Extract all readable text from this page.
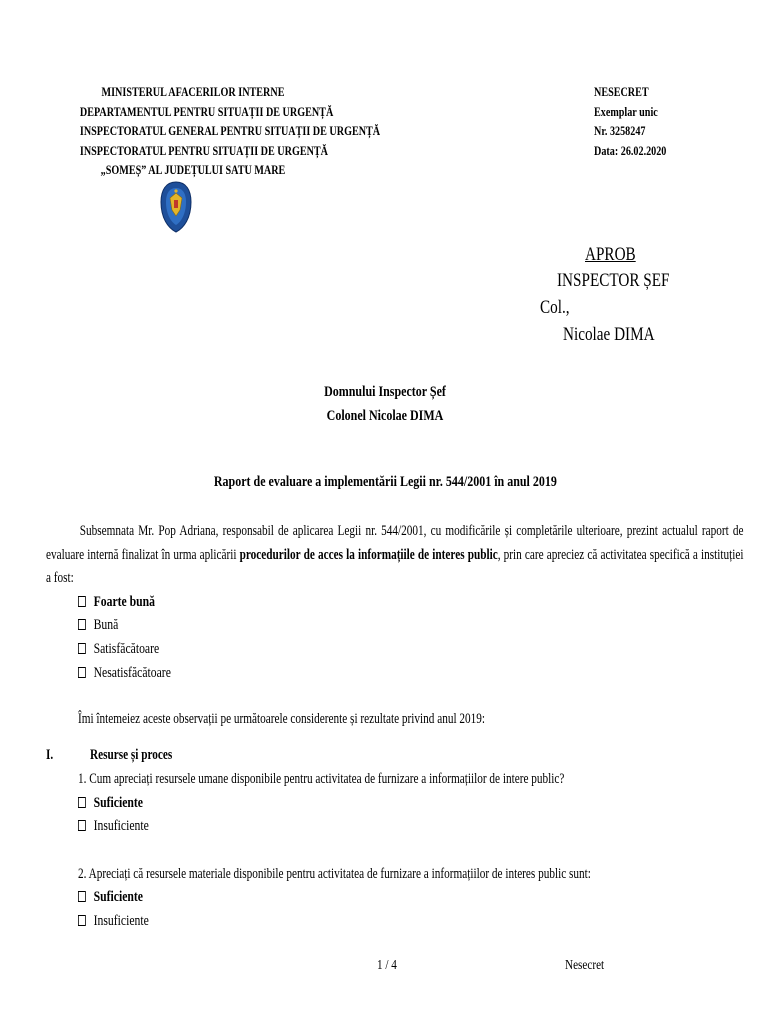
MINISTERUL AFACERILOR INTERNE
DEPARTAMENTUL PENTRU SITUAȚII DE URGENȚĂ
INSPECTORATUL GENERAL PENTRU SITUAȚII DE URGENȚĂ
INSPECTORATUL PENTRU SITUAȚII DE URGENȚĂ
„SOMEȘ” AL JUDEȚULUI SATU MARE
NESECRET
Exemplar unic
Nr. 3258247
Data: 26.02.2020
APROB
INSPECTOR ȘEF
Col.,
Nicolae DIMA
Domnului Inspector Șef
Colonel Nicolae DIMA
Raport de evaluare a implementării Legii nr. 544/2001 în anul 2019
Subsemnata Mr. Pop Adriana, responsabil de aplicarea Legii nr. 544/2001, cu modificările și completările ulterioare, prezint actualul raport de evaluare internă finalizat în urma aplicării procedurilor de acces la informațiile de interes public, prin care apreciez că activitatea specifică a instituției a fost:
Foarte bună
Bună
Satisfăcătoare
Nesatisfăcătoare
Îmi întemeiez aceste observații pe următoarele considerente și rezultate privind anul 2019:
I. Resurse și proces
1. Cum apreciați resursele umane disponibile pentru activitatea de furnizare a informațiilor de intere public?
Suficiente
Insuficiente
2. Apreciați că resursele materiale disponibile pentru activitatea de furnizare a informațiilor de interes public sunt:
Suficiente
Insuficiente
1 / 4	Nesecret
